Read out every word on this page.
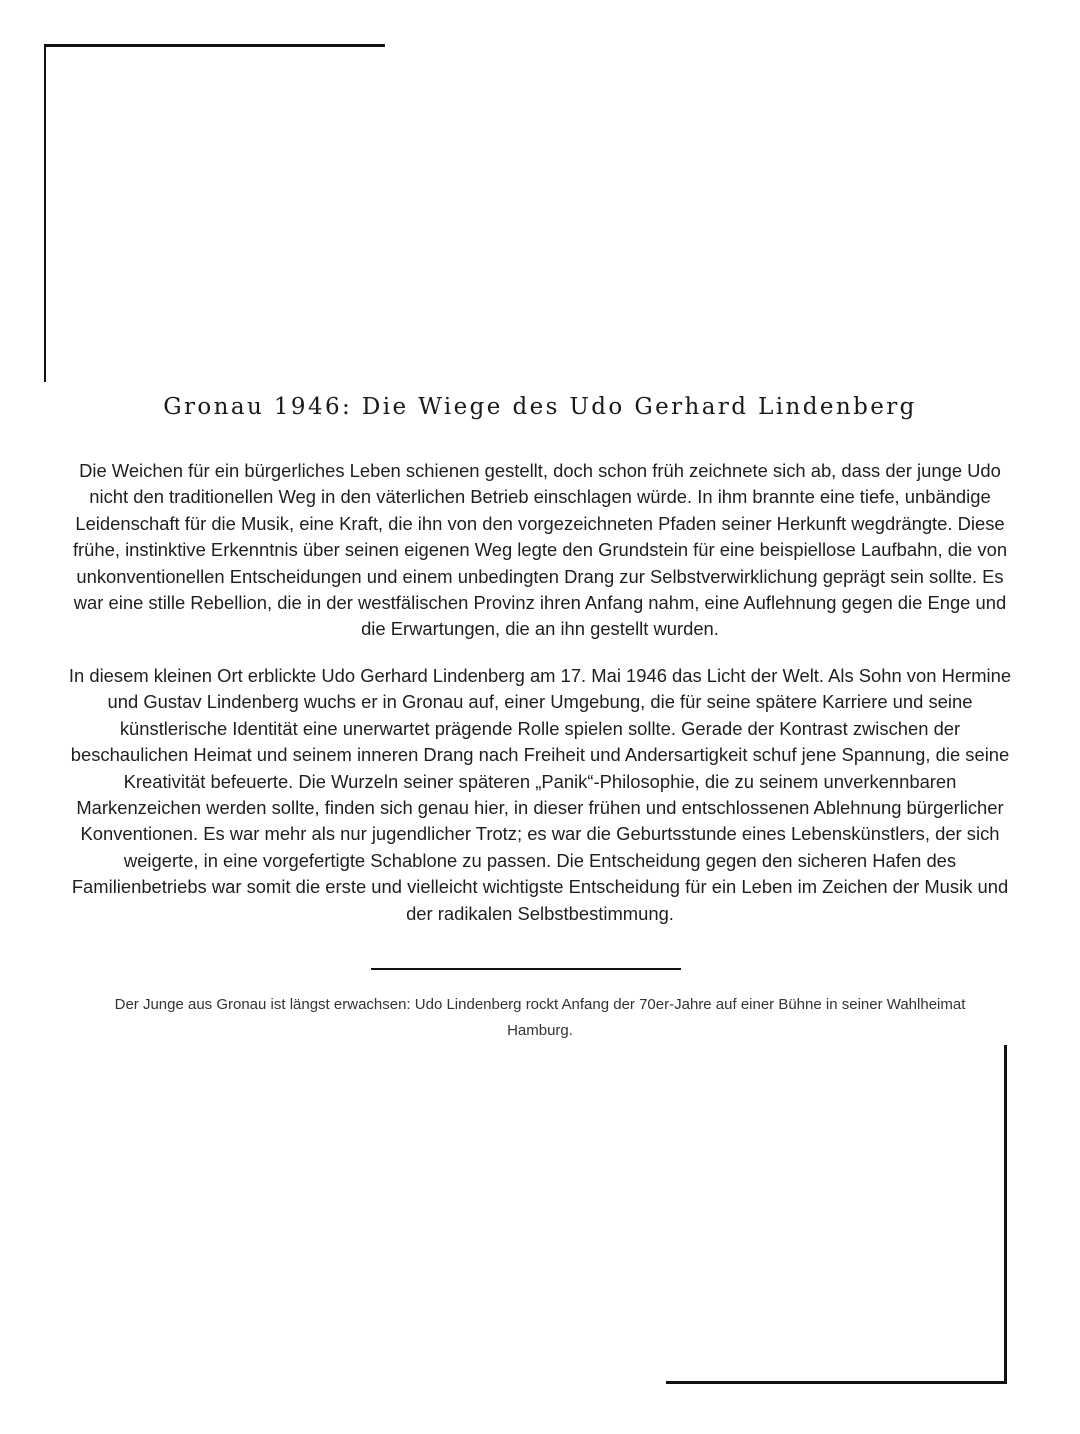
Gronau 1946: Die Wiege des Udo Gerhard Lindenberg

Die Weichen für ein bürgerliches Leben schienen gestellt, doch schon früh zeichnete sich ab, dass der junge Udo nicht den traditionellen Weg in den väterlichen Betrieb einschlagen würde. In ihm brannte eine tiefe, unbändige Leidenschaft für die Musik, eine Kraft, die ihn von den vorgezeichneten Pfaden seiner Herkunft wegdrängte. Diese frühe, instinktive Erkenntnis über seinen eigenen Weg legte den Grundstein für eine beispiellose Laufbahn, die von unkonventionellen Entscheidungen und einem unbedingten Drang zur Selbstverwirklichung geprägt sein sollte. Es war eine stille Rebellion, die in der westfälischen Provinz ihren Anfang nahm, eine Auflehnung gegen die Enge und die Erwartungen, die an ihn gestellt wurden.

In diesem kleinen Ort erblickte Udo Gerhard Lindenberg am 17. Mai 1946 das Licht der Welt. Als Sohn von Hermine und Gustav Lindenberg wuchs er in Gronau auf, einer Umgebung, die für seine spätere Karriere und seine künstlerische Identität eine unerwartet prägende Rolle spielen sollte. Gerade der Kontrast zwischen der beschaulichen Heimat und seinem inneren Drang nach Freiheit und Andersartigkeit schuf jene Spannung, die seine Kreativität befeuerte. Die Wurzeln seiner späteren „Panik“-Philosophie, die zu seinem unverkennbaren Markenzeichen werden sollte, finden sich genau hier, in dieser frühen und entschlossenen Ablehnung bürgerlicher Konventionen. Es war mehr als nur jugendlicher Trotz; es war die Geburtsstunde eines Lebenskünstlers, der sich weigerte, in eine vorgefertigte Schablone zu passen. Die Entscheidung gegen den sicheren Hafen des Familienbetriebs war somit die erste und vielleicht wichtigste Entscheidung für ein Leben im Zeichen der Musik und der radikalen Selbstbestimmung.

Der Junge aus Gronau ist längst erwachsen: Udo Lindenberg rockt Anfang der 70er-Jahre auf einer Bühne in seiner Wahlheimat Hamburg.
